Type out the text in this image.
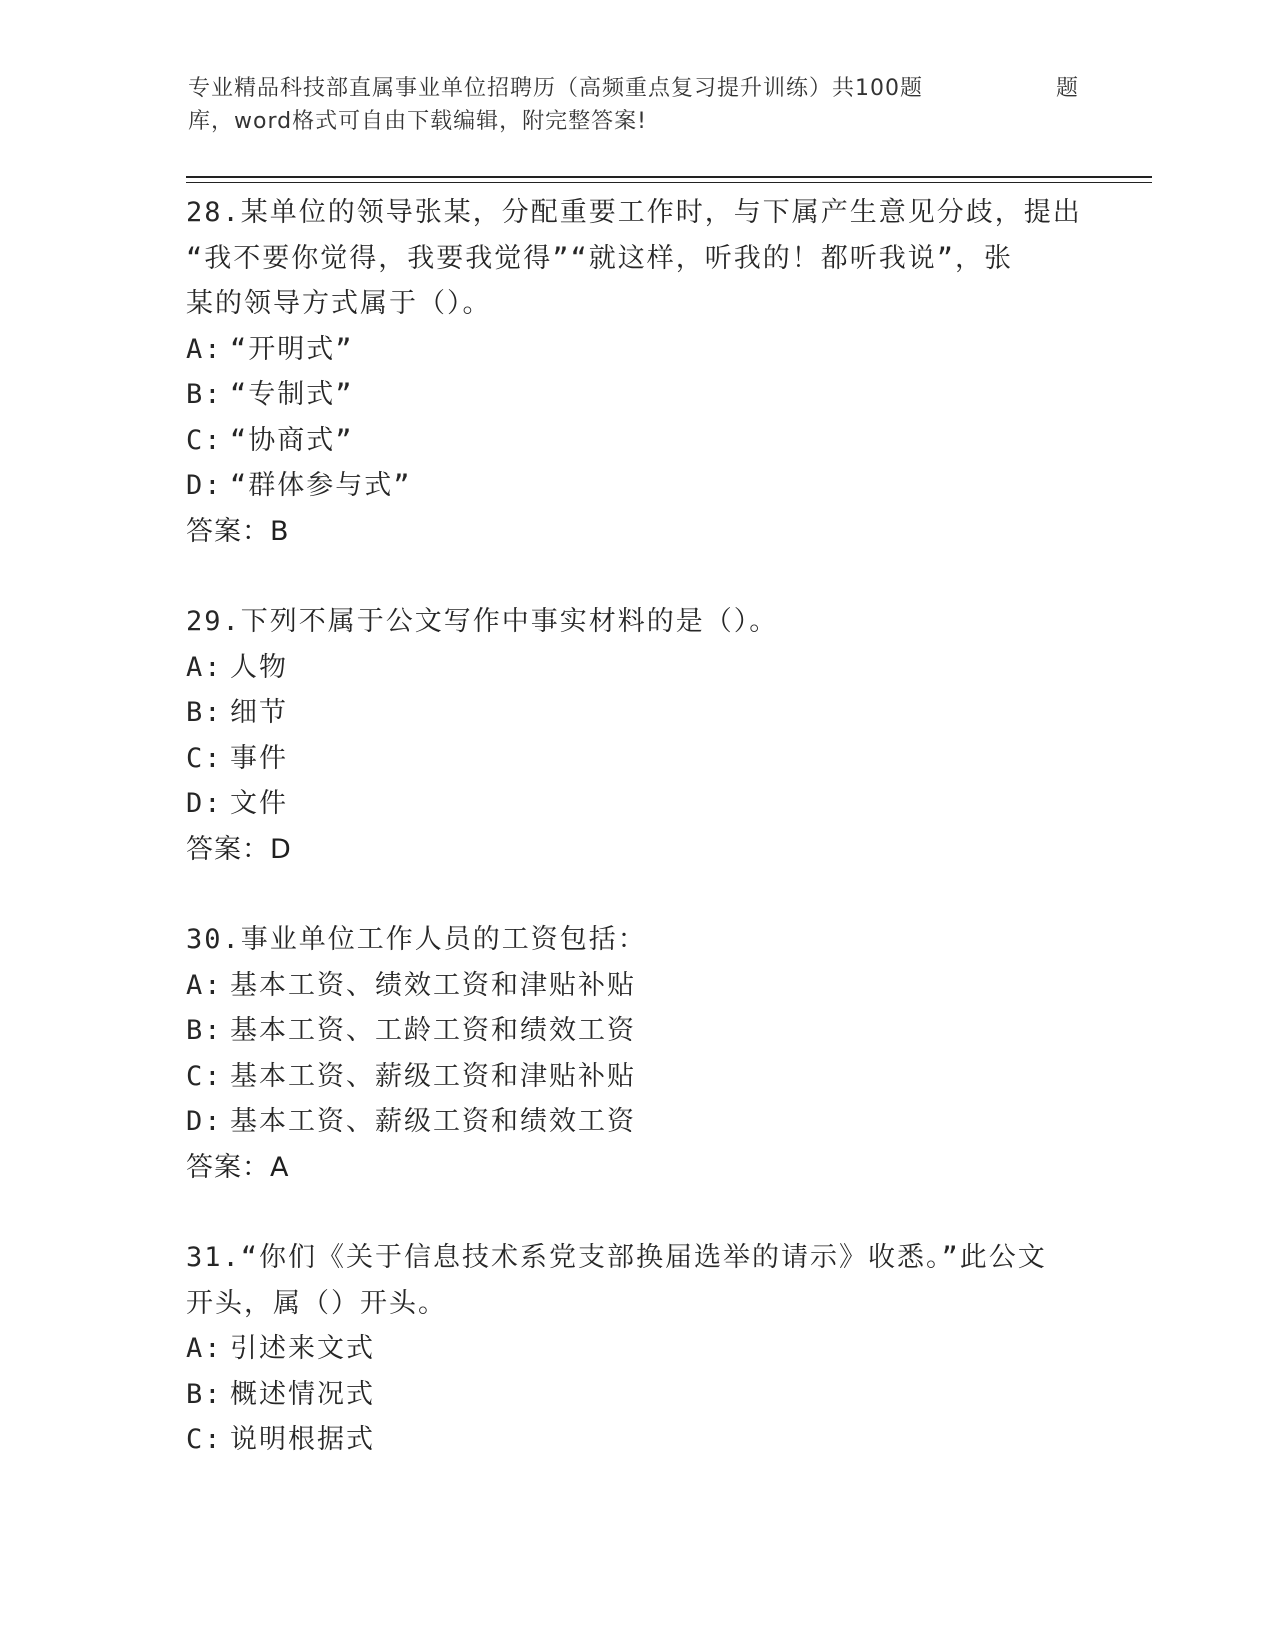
专业精品科技部直属事业单位招聘历（高频重点复习提升训练）共100题	题
库，word格式可自由下载编辑，附完整答案!

28.某单位的领导张某，分配重要工作时，与下属产生意见分歧，提出

“我不要你觉得，我要我觉得”“就这样，听我的！都听我说”，张

某的领导方式属于（）。

A: “开明式”

B: “专制式”

C: “协商式”

D: “群体参与式”

答案：B

29.下列不属于公文写作中事实材料的是（）。

A: 人物

B: 细节

C: 事件

D: 文件

答案：D

30.事业单位工作人员的工资包括：

A: 基本工资、绩效工资和津贴补贴

B: 基本工资、工龄工资和绩效工资

C: 基本工资、薪级工资和津贴补贴

D: 基本工资、薪级工资和绩效工资

答案：A

31.“你们《关于信息技术系党支部换届选举的请示》收悉。”此公文

开头，属（）开头。

A: 引述来文式

B: 概述情况式

C: 说明根据式
